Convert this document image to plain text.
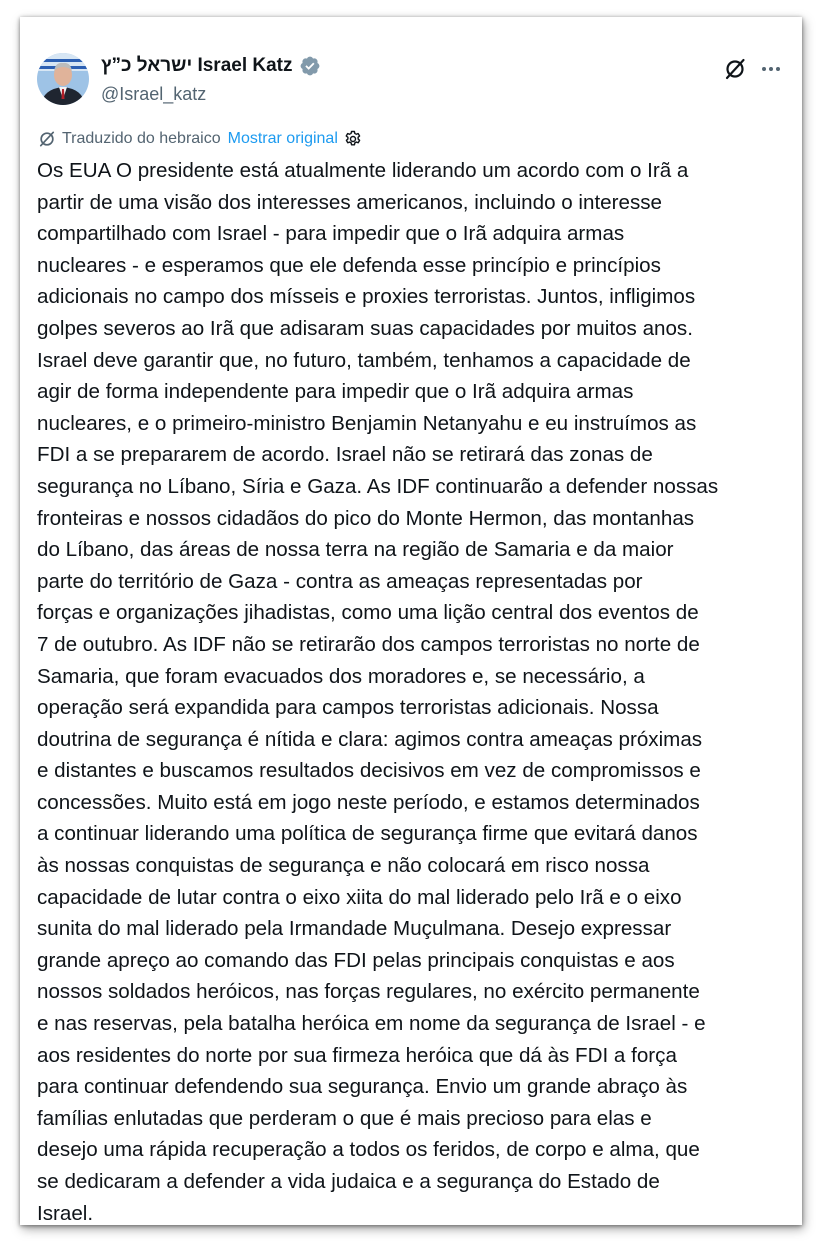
ישראל כ”ץ Israel Katz
@Israel_katz
Traduzido do hebraico Mostrar original

Os EUA O presidente está atualmente liderando um acordo com o Irã a
partir de uma visão dos interesses americanos, incluindo o interesse
compartilhado com Israel - para impedir que o Irã adquira armas
nucleares - e esperamos que ele defenda esse princípio e princípios
adicionais no campo dos mísseis e proxies terroristas. Juntos, infligimos
golpes severos ao Irã que adisaram suas capacidades por muitos anos.
Israel deve garantir que, no futuro, também, tenhamos a capacidade de
agir de forma independente para impedir que o Irã adquira armas
nucleares, e o primeiro-ministro Benjamin Netanyahu e eu instruímos as
FDI a se prepararem de acordo. Israel não se retirará das zonas de
segurança no Líbano, Síria e Gaza. As IDF continuarão a defender nossas
fronteiras e nossos cidadãos do pico do Monte Hermon, das montanhas
do Líbano, das áreas de nossa terra na região de Samaria e da maior
parte do território de Gaza - contra as ameaças representadas por
forças e organizações jihadistas, como uma lição central dos eventos de
7 de outubro. As IDF não se retirarão dos campos terroristas no norte de
Samaria, que foram evacuados dos moradores e, se necessário, a
operação será expandida para campos terroristas adicionais. Nossa
doutrina de segurança é nítida e clara: agimos contra ameaças próximas
e distantes e buscamos resultados decisivos em vez de compromissos e
concessões. Muito está em jogo neste período, e estamos determinados
a continuar liderando uma política de segurança firme que evitará danos
às nossas conquistas de segurança e não colocará em risco nossa
capacidade de lutar contra o eixo xiita do mal liderado pelo Irã e o eixo
sunita do mal liderado pela Irmandade Muçulmana. Desejo expressar
grande apreço ao comando das FDI pelas principais conquistas e aos
nossos soldados heróicos, nas forças regulares, no exército permanente
e nas reservas, pela batalha heróica em nome da segurança de Israel - e
aos residentes do norte por sua firmeza heróica que dá às FDI a força
para continuar defendendo sua segurança. Envio um grande abraço às
famílias enlutadas que perderam o que é mais precioso para elas e
desejo uma rápida recuperação a todos os feridos, de corpo e alma, que
se dedicaram a defender a vida judaica e a segurança do Estado de
Israel.
